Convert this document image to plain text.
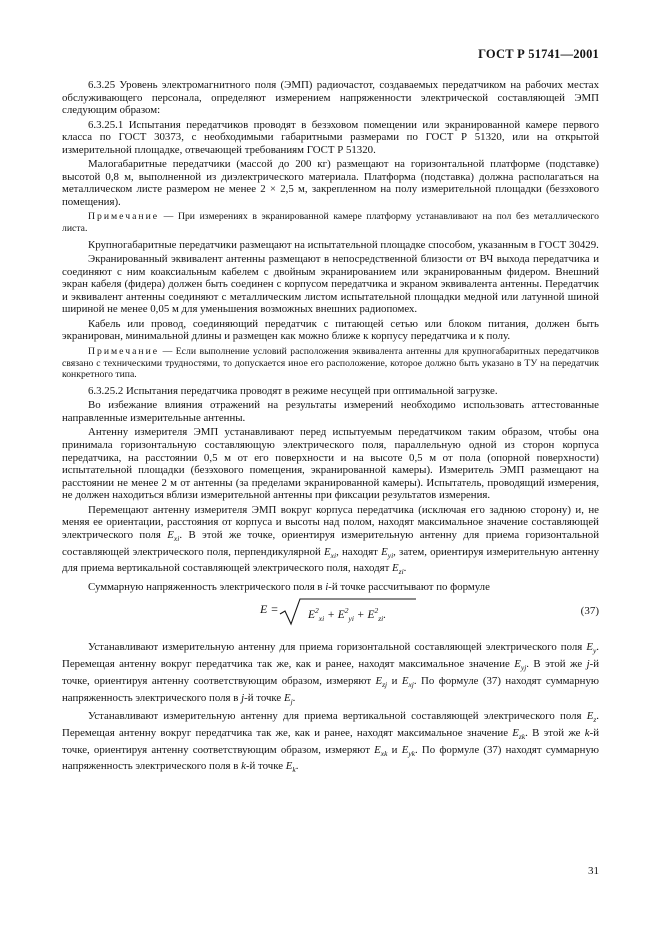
ГОСТ Р 51741—2001

6.3.25 Уровень электромагнитного поля (ЭМП) радиочастот, создаваемых передатчиком на рабочих местах обслуживающего персонала, определяют измерением напряженности электрической составляющей ЭМП следующим образом:

6.3.25.1 Испытания передатчиков проводят в безэховом помещении или экранированной камере первого класса по ГОСТ 30373, с необходимыми габаритными размерами по ГОСТ Р 51320, или на открытой измерительной площадке, отвечающей требованиям ГОСТ Р 51320.

Малогабаритные передатчики (массой до 200 кг) размещают на горизонтальной платформе (подставке) высотой 0,8 м, выполненной из диэлектрического материала. Платформа (подставка) должна располагаться на металлическом листе размером не менее 2 × 2,5 м, закрепленном на полу измерительной площадки (безэхового помещения).

Примечание — При измерениях в экранированной камере платформу устанавливают на пол без металлического листа.

Крупногабаритные передатчики размещают на испытательной площадке способом, указанным в ГОСТ 30429.

Экранированный эквивалент антенны размещают в непосредственной близости от ВЧ выхода передатчика и соединяют с ним коаксиальным кабелем с двойным экранированием или экранированным фидером. Внешний экран кабеля (фидера) должен быть соединен с корпусом передатчика и экраном эквивалента антенны. Передатчик и эквивалент антенны соединяют с металлическим листом испытательной площадки медной или латунной шиной шириной не менее 0,05 м для уменьшения возможных внешних радиопомех.

Кабель или провод, соединяющий передатчик с питающей сетью или блоком питания, должен быть экранирован, минимальной длины и размещен как можно ближе к корпусу передатчика и к полу.

Примечание — Если выполнение условий расположения эквивалента антенны для крупногабаритных передатчиков связано с техническими трудностями, то допускается иное его расположение, которое должно быть указано в ТУ на передатчик конкретного типа.

6.3.25.2 Испытания передатчика проводят в режиме несущей при оптимальной загрузке.

Во избежание влияния отражений на результаты измерений необходимо использовать аттестованные направленные измерительные антенны.

Антенну измерителя ЭМП устанавливают перед испытуемым передатчиком таким образом, чтобы она принимала горизонтальную составляющую электрического поля, параллельную одной из сторон корпуса передатчика, на расстоянии 0,5 м от его поверхности и на высоте 0,5 м от пола (опорной поверхности) испытательной площадки (безэхового помещения, экранированной камеры). Измеритель ЭМП размещают на расстоянии не менее 2 м от антенны (за пределами экранированной камеры). Испытатель, проводящий измерения, не должен находиться вблизи измерительной антенны при фиксации результатов измерения.

Перемещают антенну измерителя ЭМП вокруг корпуса передатчика (исключая его заднюю сторону) и, не меняя ее ориентации, расстояния от корпуса и высоты над полом, находят максимальное значение составляющей электрического поля $E_{xi}$. В этой же точке, ориентируя измерительную антенну для приема горизонтальной составляющей электрического поля, перпендикулярной $E_{xi}$, находят $E_{yi}$, затем, ориентируя измерительную антенну для приема вертикальной составляющей электрического поля, находят $E_{zi}$.

Суммарную напряженность электрического поля в i-й точке рассчитывают по формуле

E =	$E^2_{xi} + E^2_{yi} + E^2_{zi}$.	(37)

Устанавливают измерительную антенну для приема горизонтальной составляющей электрического поля $E_y$. Перемещая антенну вокруг передатчика так же, как и ранее, находят максимальное значение $E_{yj}$. В этой же j-й точке, ориентируя антенну соответствующим образом, измеряют $E_{zj}$ и $E_{xj}$. По формуле (37) находят суммарную напряженность электрического поля в j-й точке $E_j$.

Устанавливают измерительную антенну для приема вертикальной составляющей электрического поля $E_z$. Перемещая антенну вокруг передатчика так же, как и ранее, находят максимальное значение $E_{zk}$. В этой же k-й точке, ориентируя антенну соответствующим образом, измеряют $E_{xk}$ и $E_{yk}$. По формуле (37) находят суммарную напряженность электрического поля в k-й точке $E_k$.

31
